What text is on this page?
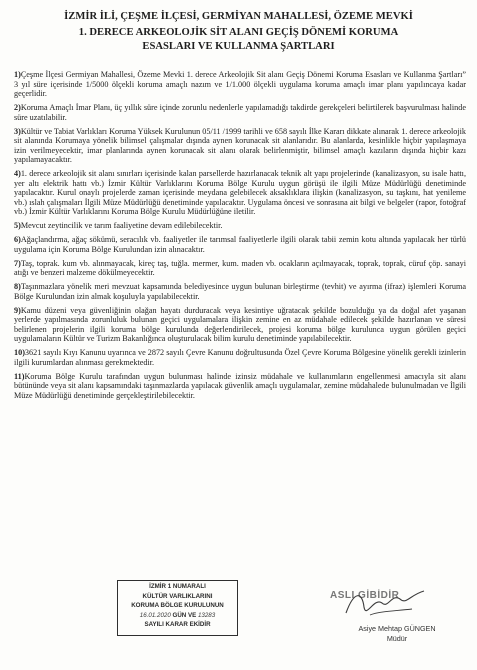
İZMİR İLİ, ÇEŞME İLÇESİ, GERMİYAN MAHALLESİ, ÖZEME MEVKİ
1. DERECE ARKEOLOJİK SİT ALANI GEÇİŞ DÖNEMİ KORUMA
ESASLARI VE KULLANMA ŞARTLARI

1)Çeşme İlçesi Germiyan Mahallesi, Özeme Mevki 1. derece Arkeolojik Sit alanı Geçiş Dönemi Koruma Esasları ve Kullanma Şartları” 3 yıl süre içerisinde 1/5000 ölçekli koruma amaçlı nazım ve 1/1.000 ölçekli uygulama koruma amaçlı imar planı yapılıncaya kadar geçerlidir.

2)Koruma Amaçlı İmar Planı, üç yıllık süre içinde zorunlu nedenlerle yapılamadığı takdirde gerekçeleri belirtilerek başvurulması halinde süre uzatılabilir.

3)Kültür ve Tabiat Varlıkları Koruma Yüksek Kurulunun 05/11 /1999 tarihli ve 658 sayılı İlke Kararı dikkate alınarak 1. derece arkeolojik sit alanında Korumaya yönelik bilimsel çalışmalar dışında aynen korunacak sit alanlarıdır. Bu alanlarda, kesinlikle hiçbir yapılaşmaya izin verilmeyecektir, imar planlarında aynen korunacak sit alanı olarak belirlenmiştir, bilimsel amaçlı kazıların dışında hiçbir kazı yapılamayacaktır.

4)1. derece arkeolojik sit alanı sınırları içerisinde kalan parsellerde hazırlanacak teknik alt yapı projelerinde (kanalizasyon, su isale hattı, yer altı elektrik hattı vb.) İzmir Kültür Varlıklarını Koruma Bölge Kurulu uygun görüşü ile ilgili Müze Müdürlüğü denetiminde yapılacaktır. Kurul onaylı projelerde zaman içerisinde meydana gelebilecek aksaklıklara ilişkin (kanalizasyon, su taşkını, hat yenileme vb.) ıslah çalışmaları İlgili Müze Müdürlüğü denetiminde yapılacaktır. Uygulama öncesi ve sonrasına ait bilgi ve belgeler (rapor, fotoğraf vb.) İzmir Kültür Varlıklarını Koruma Bölge Kurulu Müdürlüğüne iletilir.

5)Mevcut zeytincilik ve tarım faaliyetine devam edilebilecektir.

6)Ağaçlandırma, ağaç sökümü, seracılık vb. faaliyetler ile tarımsal faaliyetlerle ilgili olarak tabii zemin kotu altında yapılacak her türlü uygulama için Koruma Bölge Kurulundan izin alınacaktır.

7)Taş, toprak. kum vb. alınmayacak, kireç taş, tuğla. mermer, kum. maden vb. ocakların açılmayacak, toprak, toprak, cüruf çöp. sanayi atığı ve benzeri malzeme dökülmeyecektir.

8)Taşınmazlara yönelik meri mevzuat kapsamında belediyesince uygun bulunan birleştirme (tevhit) ve ayırma (ifraz) işlemleri Koruma Bölge Kurulundan izin almak koşuluyla yapılabilecektir.

9)Kamu düzeni veya güvenliğinin olağan hayatı durduracak veya kesintiye uğratacak şekilde bozulduğu ya da doğal afet yaşanan yerlerde yapılmasında zorunluluk bulunan geçici uygulamalara ilişkin zemine en az müdahale edilecek şekilde hazırlanan ve süresi belirlenen projelerin ilgili koruma bölge kurulunda değerlendirilecek, projesi koruma bölge kurulunca uygun görülen geçici uygulamaların Kültür ve Turizm Bakanlığınca oluşturulacak bilim kurulu denetiminde yapılabilecektir.

10)3621 sayılı Kıyı Kanunu uyarınca ve 2872 sayılı Çevre Kanunu doğrultusunda Özel Çevre Koruma Bölgesine yönelik gerekli izinlerin ilgili kurumlardan alınması gerekmektedir.

11)Koruma Bölge Kurulu tarafından uygun bulunması halinde izinsiz müdahale ve kullanımların engellenmesi amacıyla sit alanı bütününde veya sit alanı kapsamındaki taşınmazlarda yapılacak güvenlik amaçlı uygulamalar, zemine müdahalede bulunulmadan ve İlgili Müze Müdürlüğü denetiminde gerçekleştirilebilecektir.

İZMİR 1 NUMARALI
KÜLTÜR VARLIKLARINI
KORUMA BÖLGE KURULUNUN
16.01.2020 GÜN VE 13283
SAYILI KARAR EKİDİR
ASLI GİBİDİR
Asiye Mehtap GÜNGEN
Müdür
